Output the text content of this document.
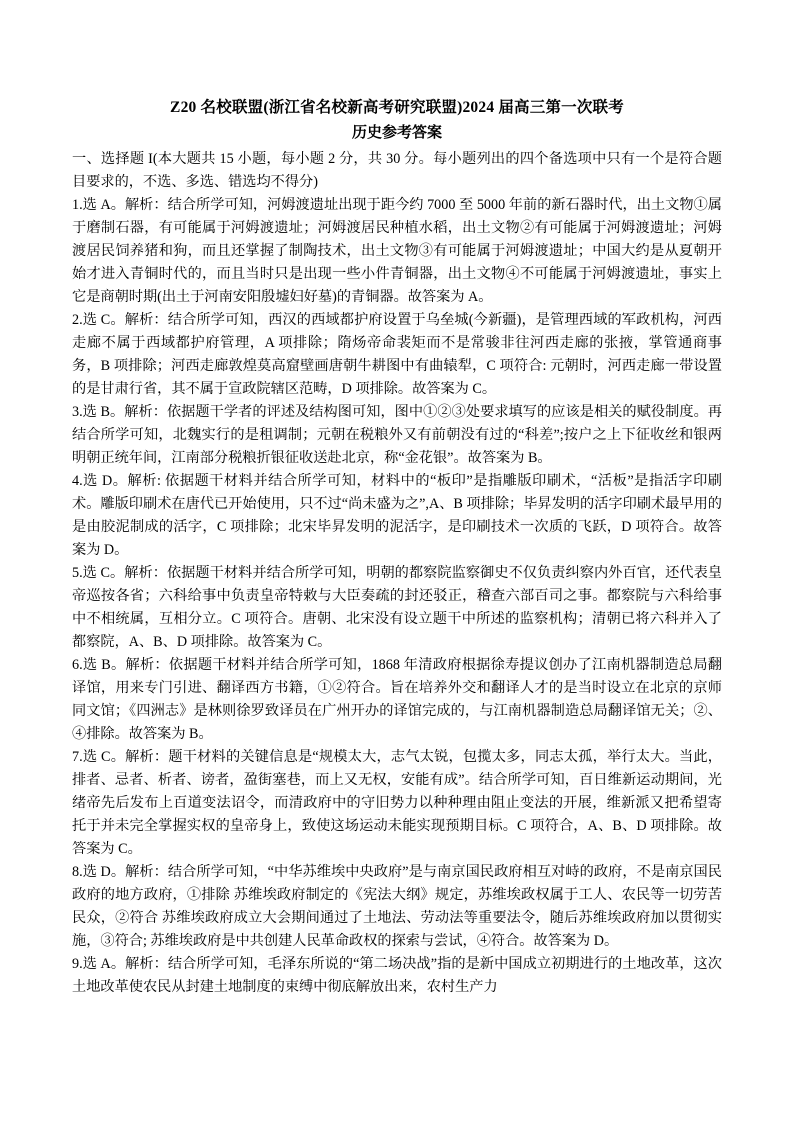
Z20 名校联盟(浙江省名校新高考研究联盟)2024 届高三第一次联考
历史参考答案
一、选择题 I(本大题共 15 小题，每小题 2 分，共 30 分。每小题列出的四个备选项中只有一个是符合题目要求的，不选、多选、错选均不得分)

1.选 A。解析：结合所学可知，河姆渡遗址出现于距今约 7000 至 5000 年前的新石器时代，出土文物①属于磨制石器，有可能属于河姆渡遗址；河姆渡居民种植水稻，出土文物②有可能属于河姆渡遗址；河姆渡居民饲养猪和狗，而且还掌握了制陶技术，出土文物③有可能属于河姆渡遗址；中国大约是从夏朝开始才进入青铜时代的，而且当时只是出现一些小件青铜器，出土文物④不可能属于河姆渡遗址，事实上它是商朝时期(出土于河南安阳殷墟妇好墓)的青铜器。故答案为 A。

2.选 C。解析：结合所学可知，西汉的西域都护府设置于乌垒城(今新疆)，是管理西域的军政机构，河西走廊不属于西域都护府管理，A 项排除；隋炀帝命裴矩而不是常骏非往河西走廊的张掖，掌管通商事务，B 项排除；河西走廊敦煌莫高窟壁画唐朝牛耕图中有曲辕犁，C 项符合: 元朝时，河西走廊一带设置的是甘肃行省，其不属于宣政院辖区范畴，D 项排除。故答案为 C。

3.选 B。解析：依据题干学者的评述及结构图可知，图中①②③处要求填写的应该是相关的赋役制度。再结合所学可知，北魏实行的是租调制；元朝在税粮外又有前朝没有过的“科差”;按户之上下征收丝和银两 明朝正统年间，江南部分税粮折银征收送赴北京，称“金花银”。故答案为 B。

4.选 D。解析: 依据题干材料并结合所学可知，材料中的“板印”是指雕版印刷术，“活板”是指活字印刷术。雕版印刷术在唐代已开始使用，只不过“尚未盛为之”,A、B 项排除；毕昇发明的活字印刷术最早用的是由胶泥制成的活字，C 项排除；北宋毕昇发明的泥活字，是印刷技术一次质的飞跃，D 项符合。故答案为 D。

5.选 C。解析：依据题干材料并结合所学可知，明朝的都察院监察御史不仅负责纠察内外百官，还代表皇帝巡按各省；六科给事中负责皇帝特敕与大臣奏疏的封还驳正，稽查六部百司之事。都察院与六科给事中不相统属，互相分立。C 项符合。唐朝、北宋没有设立题干中所述的监察机构；清朝已将六科并入了都察院，A、B、D 项排除。故答案为 C。

6.选 B。解析：依据题干材料并结合所学可知，1868 年清政府根据徐寿提议创办了江南机器制造总局翻译馆，用来专门引进、翻译西方书籍，①②符合。旨在培养外交和翻译人才的是当时设立在北京的京师同文馆；《四洲志》是林则徐罗致译员在广州开办的译馆完成的，与江南机器制造总局翻译馆无关；②、④排除。故答案为 B。

7.选 C。解析：题干材料的关键信息是“规模太大，志气太锐，包揽太多，同志太孤，举行太大。当此，排者、忌者、析者、谤者，盈街塞巷，而上又无权，安能有成”。结合所学可知，百日维新运动期间，光绪帝先后发布上百道变法诏令，而清政府中的守旧势力以种种理由阻止变法的开展，维新派又把希望寄托于并未完全掌握实权的皇帝身上，致使这场运动未能实现预期目标。C 项符合，A、B、D 项排除。故答案为 C。

8.选 D。解析：结合所学可知，“中华苏维埃中央政府”是与南京国民政府相互对峙的政府，不是南京国民政府的地方政府，①排除 苏维埃政府制定的《宪法大纲》规定，苏维埃政权属于工人、农民等一切劳苦民众，②符合 苏维埃政府成立大会期间通过了土地法、劳动法等重要法令，随后苏维埃政府加以贯彻实施，③符合; 苏维埃政府是中共创建人民革命政权的探索与尝试，④符合。故答案为 D。

9.选 A。解析：结合所学可知，毛泽东所说的“第二场决战”指的是新中国成立初期进行的土地改革，这次土地改革使农民从封建土地制度的束缚中彻底解放出来，农村生产力
